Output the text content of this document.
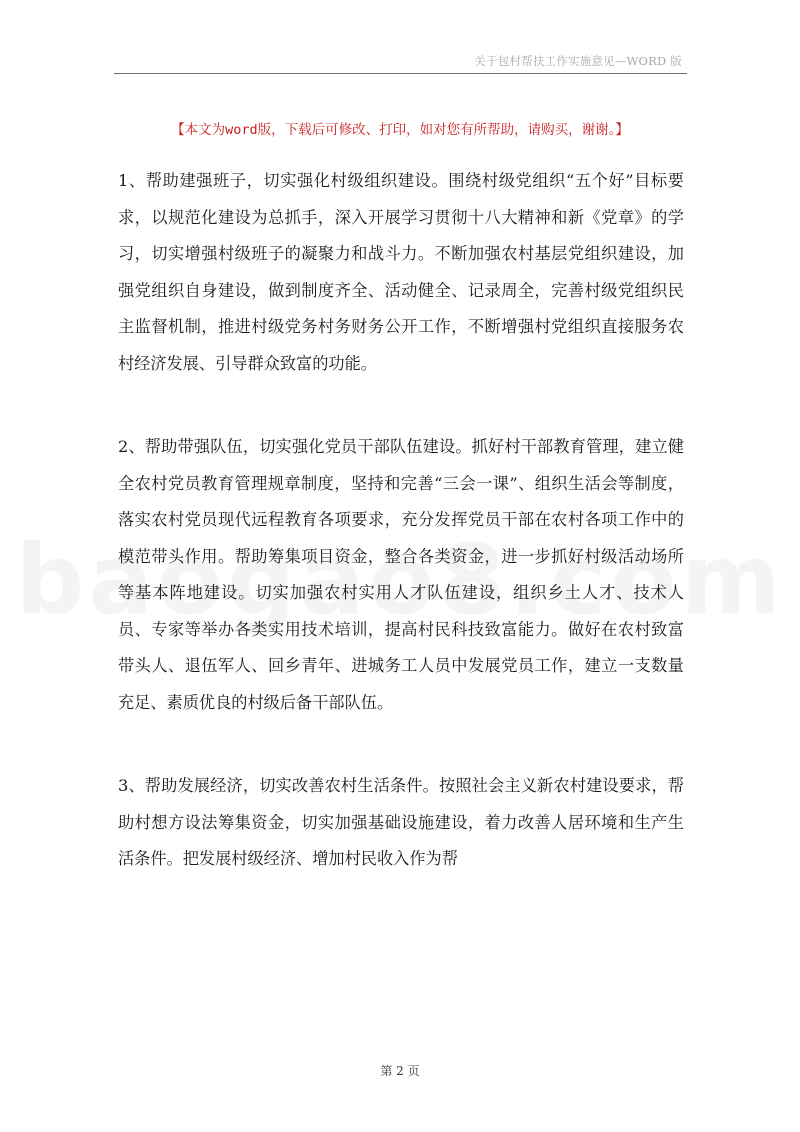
关于包村帮扶工作实施意见—WORD 版
【本文为word版，下载后可修改、打印，如对您有所帮助，请购买，谢谢。】

1、帮助建强班子，切实强化村级组织建设。围绕村级党组织“五个好”目标要求，以规范化建设为总抓手，深入开展学习贯彻十八大精神和新《党章》的学习，切实增强村级班子的凝聚力和战斗力。不断加强农村基层党组织建设，加强党组织自身建设，做到制度齐全、活动健全、记录周全，完善村级党组织民主监督机制，推进村级党务村务财务公开工作，不断增强村党组织直接服务农村经济发展、引导群众致富的功能。

2、帮助带强队伍，切实强化党员干部队伍建设。抓好村干部教育管理，建立健全农村党员教育管理规章制度，坚持和完善“三会一课”、组织生活会等制度，落实农村党员现代远程教育各项要求，充分发挥党员干部在农村各项工作中的模范带头作用。帮助筹集项目资金，整合各类资金，进一步抓好村级活动场所等基本阵地建设。切实加强农村实用人才队伍建设，组织乡土人才、技术人员、专家等举办各类实用技术培训，提高村民科技致富能力。做好在农村致富带头人、退伍军人、回乡青年、进城务工人员中发展党员工作，建立一支数量充足、素质优良的村级后备干部队伍。

3、帮助发展经济，切实改善农村生活条件。按照社会主义新农村建设要求，帮助村想方设法筹集资金，切实加强基础设施建设，着力改善人居环境和生产生活条件。把发展村级经济、增加村民收入作为帮

第 2 页
